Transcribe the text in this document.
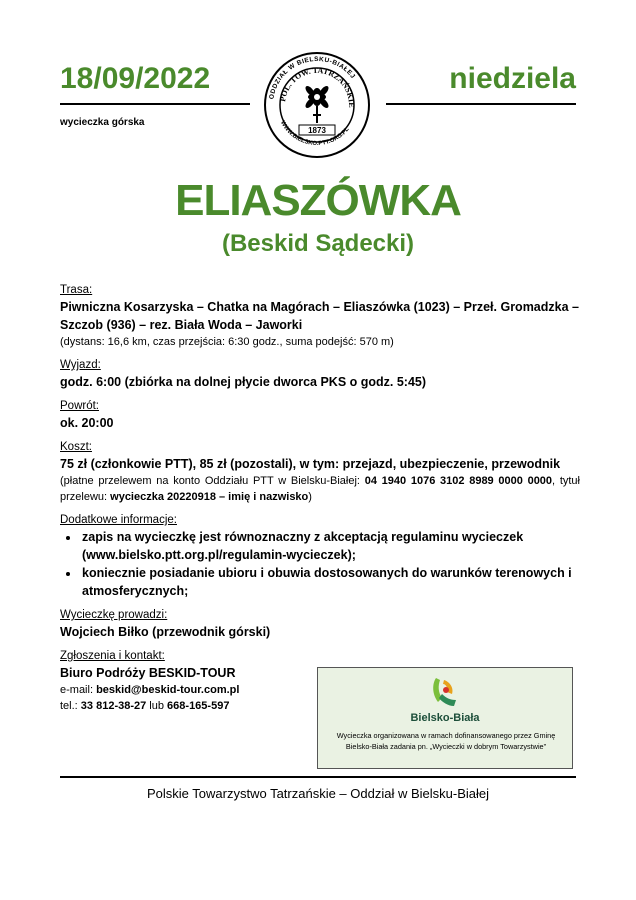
18/09/2022	niedziela
wycieczka górska
ODDZIAŁ W BIELSKU-BIAŁEJ
POL. TOW. TATRZAŃSKIE
WWW.BIELSKO.PTT.ORG.PL
1873
ELIASZÓWKA
(Beskid Sądecki)
Trasa:
Piwniczna Kosarzyska – Chatka na Magórach – Eliaszówka (1023) – Przeł. Gromadzka – Szczob (936) – rez. Biała Woda – Jaworki
(dystans: 16,6 km, czas przejścia: 6:30 godz., suma podejść: 570 m)
Wyjazd:
godz. 6:00 (zbiórka na dolnej płycie dworca PKS o godz. 5:45)
Powrót:
ok. 20:00
Koszt:
75 zł (członkowie PTT), 85 zł (pozostali), w tym: przejazd, ubezpieczenie, przewodnik
(płatne przelewem na konto Oddziału PTT w Bielsku-Białej: 04 1940 1076 3102 8989 0000 0000, tytuł przelewu: wycieczka 20220918 – imię i nazwisko)
Dodatkowe informacje:
• zapis na wycieczkę jest równoznaczny z akceptacją regulaminu wycieczek (www.bielsko.ptt.org.pl/regulamin-wycieczek);
• koniecznie posiadanie ubioru i obuwia dostosowanych do warunków terenowych i atmosferycznych;
Wycieczkę prowadzi:
Wojciech Biłko (przewodnik górski)
Zgłoszenia i kontakt:
Biuro Podróży BESKID-TOUR
e-mail: beskid@beskid-tour.com.pl
tel.: 33 812-38-27 lub 668-165-597
Bielsko-Biała
Wycieczka organizowana w ramach dofinansowanego przez Gminę Bielsko-Biała zadania pn. „Wycieczki w dobrym Towarzystwie”
Polskie Towarzystwo Tatrzańskie – Oddział w Bielsku-Białej
